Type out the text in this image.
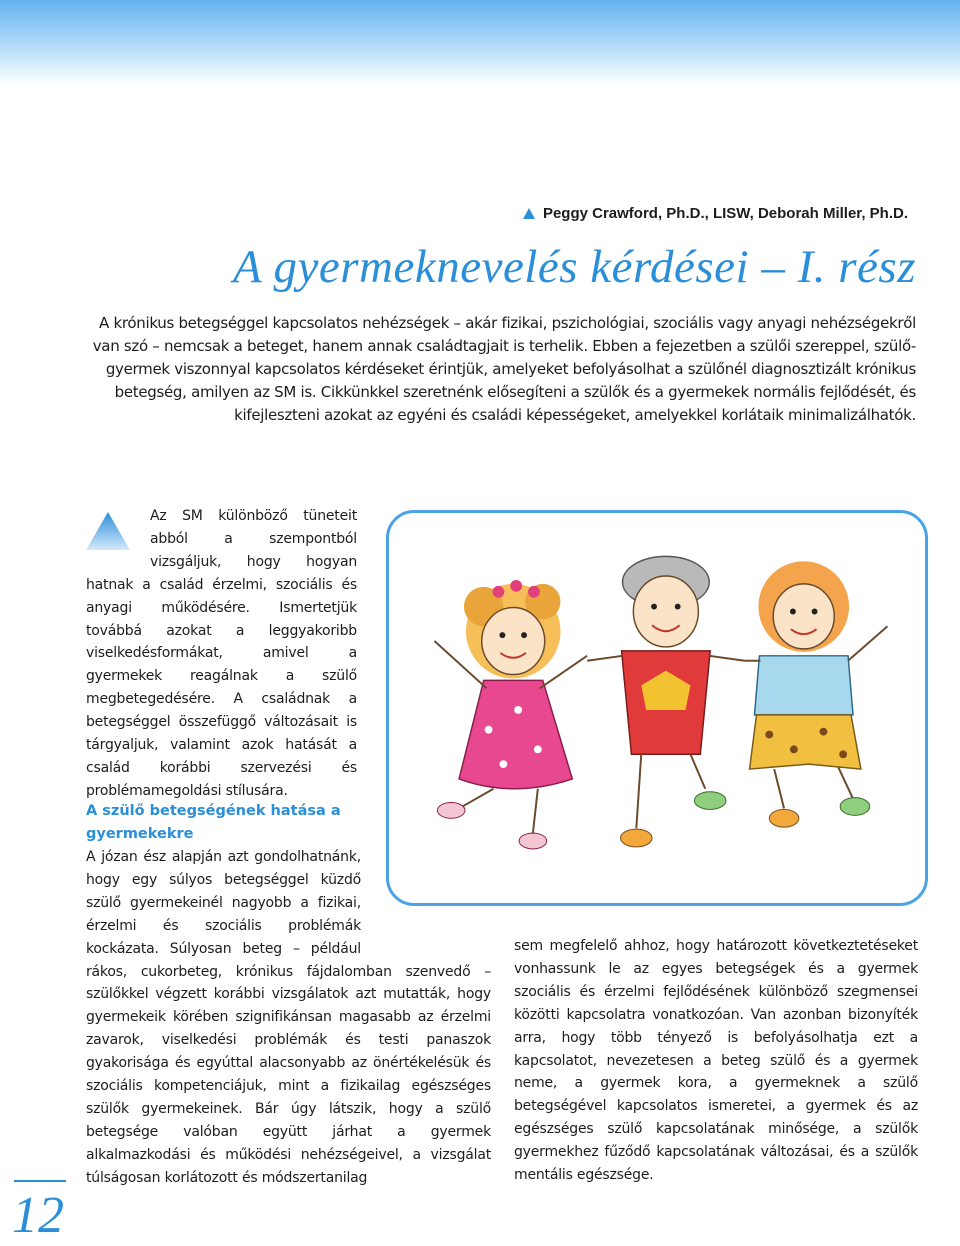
Peggy Crawford, Ph.D., LISW, Deborah Miller, Ph.D.
A gyermeknevelés kérdései – I. rész

A krónikus betegséggel kapcsolatos nehézségek – akár fizikai, pszichológiai, szociális vagy anyagi nehézségekről van szó – nemcsak a beteget, hanem annak családtagjait is terhelik. Ebben a fejezetben a szülői szereppel, szülő-gyermek viszonnyal kapcsolatos kérdéseket érintjük, amelyeket befolyásolhat a szülőnél diagnosztizált krónikus betegség, amilyen az SM is. Cikkünkkel szeretnénk elősegíteni a szülők és a gyermekek normális fejlődését, és kifejleszteni azokat az egyéni és családi képességeket, amelyekkel korlátaik minimalizálhatók.

Az SM különböző tüneteit abból a szempontból vizsgáljuk, hogy hogyan hatnak a család érzelmi, szociális és anyagi működésére. Ismertetjük továbbá azokat a leggyakoribb viselkedésformákat, amivel a gyermekek reagálnak a szülő megbetegedésére. A családnak a betegséggel összefüggő változásait is tárgyaljuk, valamint azok hatását a család korábbi szervezési és problémamegoldási stílusára.

A szülő betegségének hatása a gyermekekre

A józan ész alapján azt gondolhatnánk, hogy egy súlyos betegséggel küzdő szülő gyermekeinél nagyobb a fizikai, érzelmi és szociális problémák kockázata. Súlyosan beteg – például rákos, cukorbeteg, krónikus fájdalomban szenvedő – szülőkkel végzett korábbi vizsgálatok azt mutatták, hogy gyermekeik körében szignifikánsan magasabb az érzelmi zavarok, viselkedési problémák és testi panaszok gyakorisága és egyúttal alacsonyabb az önértékelésük és szociális kompetenciájuk, mint a fizikailag egészséges szülők gyermekeinek. Bár úgy látszik, hogy a szülő betegsége valóban együtt járhat a gyermek alkalmazkodási és működési nehézségeivel, a vizsgálat túlságosan korlátozott és módszertanilag

sem megfelelő ahhoz, hogy határozott következtetéseket vonhassunk le az egyes betegségek és a gyermek szociális és érzelmi fejlődésének különböző szegmensei közötti kapcsolatra vonatkozóan. Van azonban bizonyíték arra, hogy több tényező is befolyásolhatja ezt a kapcsolatot, nevezetesen a beteg szülő és a gyermek neme, a gyermek kora, a gyermeknek a szülő betegségével kapcsolatos ismeretei, a gyermek és az egészséges szülő kapcsolatának minősége, a szülők gyermekhez fűződő kapcsolatának változásai, és a szülők mentális egészsége.

12
